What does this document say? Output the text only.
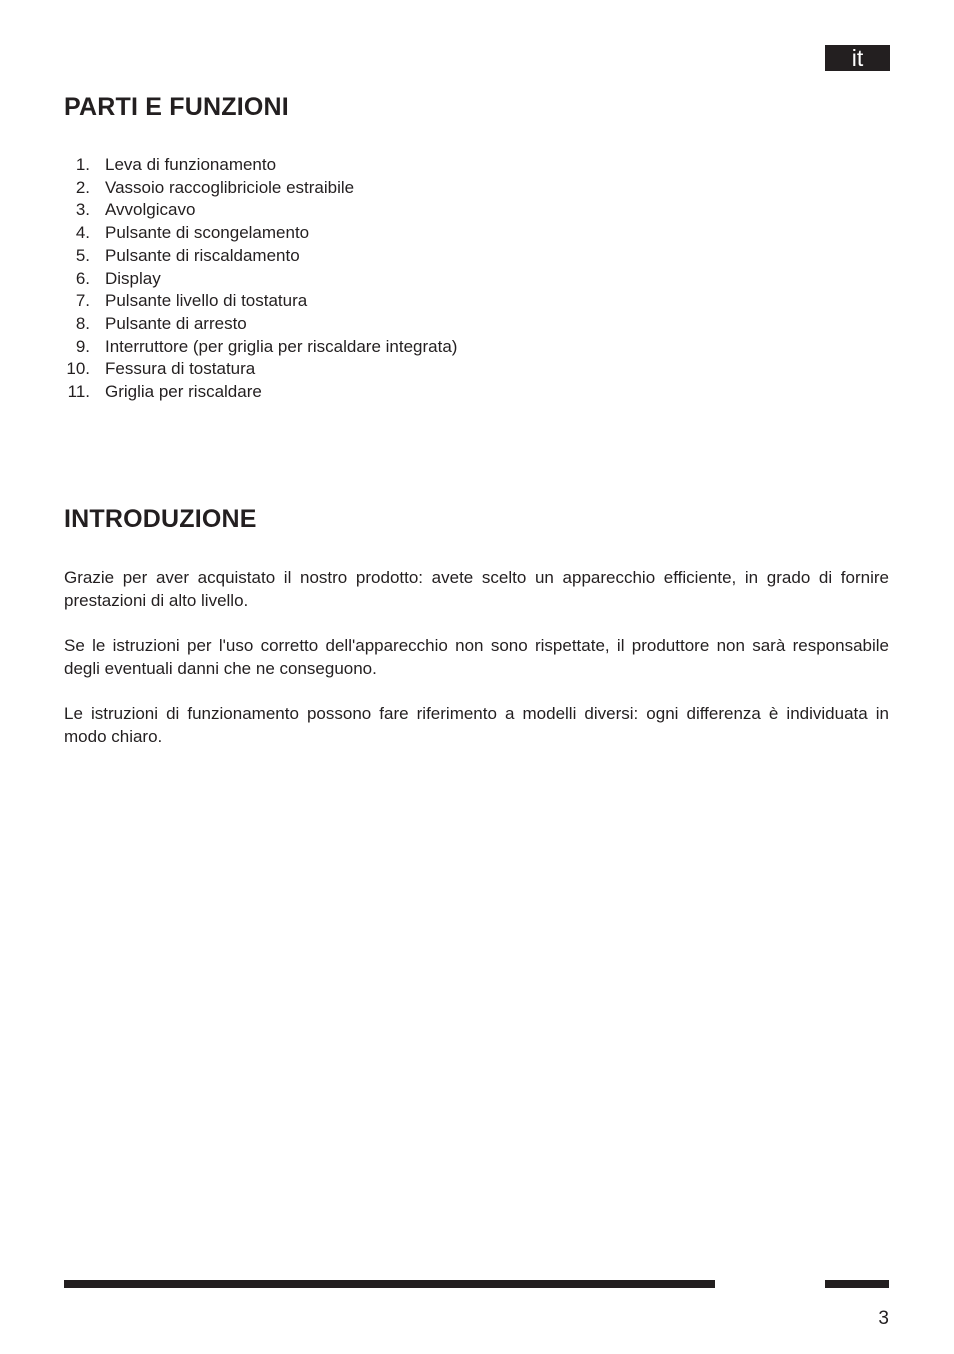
it
PARTI E FUNZIONI
1. Leva di funzionamento
2. Vassoio raccoglibriciole estraibile
3. Avvolgicavo
4. Pulsante di scongelamento
5. Pulsante di riscaldamento
6. Display
7. Pulsante livello di tostatura
8. Pulsante di arresto
9. Interruttore (per griglia per riscaldare integrata)
10. Fessura di tostatura
11. Griglia per riscaldare
INTRODUZIONE

Grazie per aver acquistato il nostro prodotto: avete scelto un apparecchio efficiente, in grado di fornire prestazioni di alto livello.

Se le istruzioni per l'uso corretto dell'apparecchio non sono rispettate, il produttore non sarà responsabile degli eventuali danni che ne conseguono.

Le istruzioni di funzionamento possono fare riferimento a modelli diversi: ogni differenza è individuata in modo chiaro.

3
